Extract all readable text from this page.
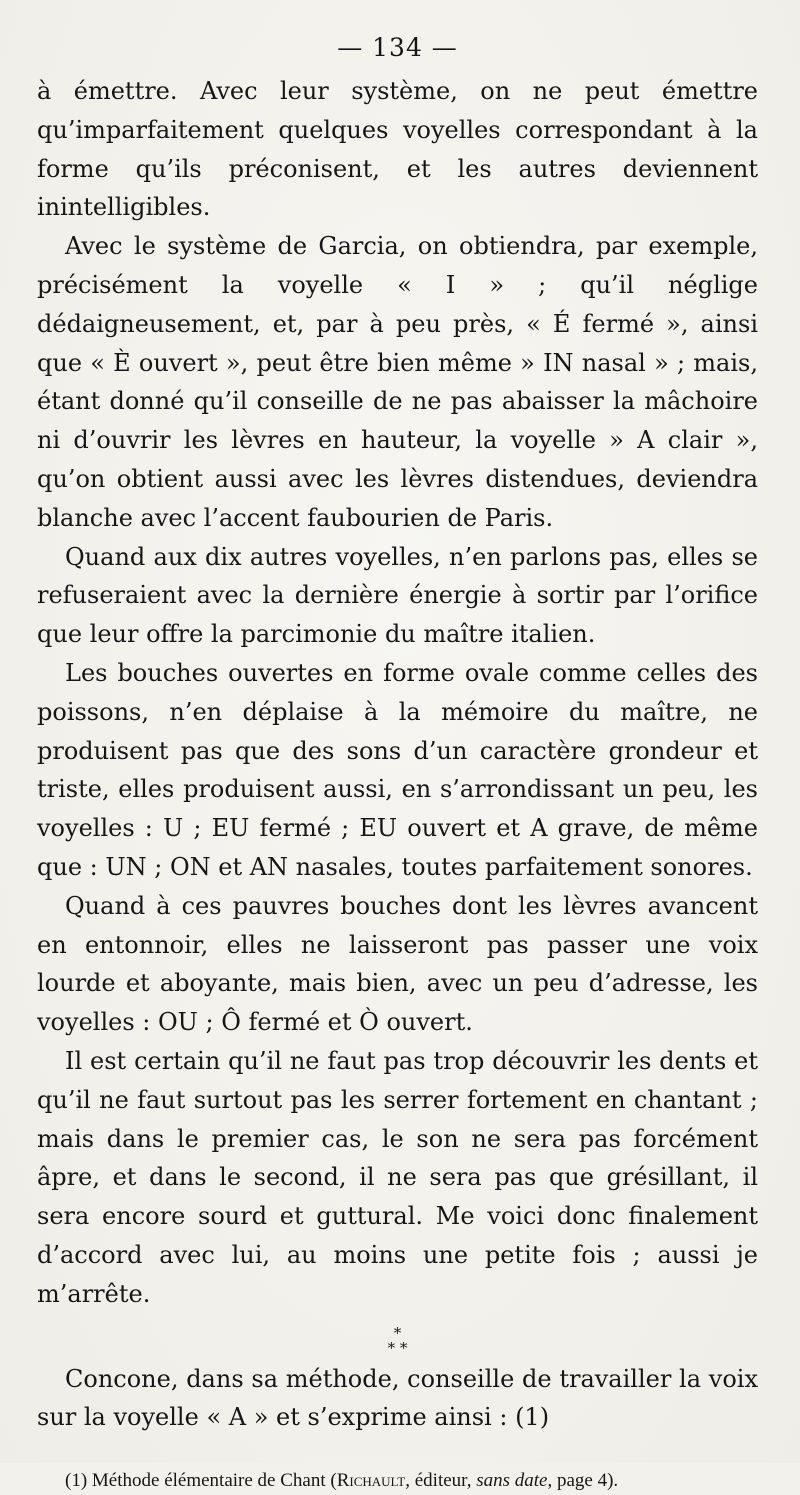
— 134 —

à émettre. Avec leur système, on ne peut émettre qu’imparfaitement quelques voyelles correspondant à la forme qu’ils préconisent, et les autres deviennent inintelligibles.

Avec le système de Garcia, on obtiendra, par exemple, précisément la voyelle « I » ; qu’il néglige dédaigneusement, et, par à peu près, « É fermé », ainsi que « È ouvert », peut être bien même » IN nasal » ; mais, étant donné qu’il conseille de ne pas abaisser la mâchoire ni d’ouvrir les lèvres en hauteur, la voyelle » A clair », qu’on obtient aussi avec les lèvres distendues, deviendra blanche avec l’accent faubourien de Paris.

Quand aux dix autres voyelles, n’en parlons pas, elles se refuseraient avec la dernière énergie à sortir par l’orifice que leur offre la parcimonie du maître italien.

Les bouches ouvertes en forme ovale comme celles des poissons, n’en déplaise à la mémoire du maître, ne produisent pas que des sons d’un caractère grondeur et triste, elles produisent aussi, en s’arrondissant un peu, les voyelles : U ; EU fermé ; EU ouvert et A grave, de même que : UN ; ON et AN nasales, toutes parfaitement sonores.

Quand à ces pauvres bouches dont les lèvres avancent en entonnoir, elles ne laisseront pas passer une voix lourde et aboyante, mais bien, avec un peu d’adresse, les voyelles : OU ; Ô fermé et Ò ouvert.

Il est certain qu’il ne faut pas trop découvrir les dents et qu’il ne faut surtout pas les serrer fortement en chantant ; mais dans le premier cas, le son ne sera pas forcément âpre, et dans le second, il ne sera pas que grésillant, il sera encore sourd et guttural. Me voici donc finalement d’accord avec lui, au moins une petite fois ; aussi je m’arrête.

*
* *

Concone, dans sa méthode, conseille de travailler la voix sur la voyelle « A » et s’exprime ainsi : (1)

(1) Méthode élémentaire de Chant (Richault, éditeur, sans date, page 4).
